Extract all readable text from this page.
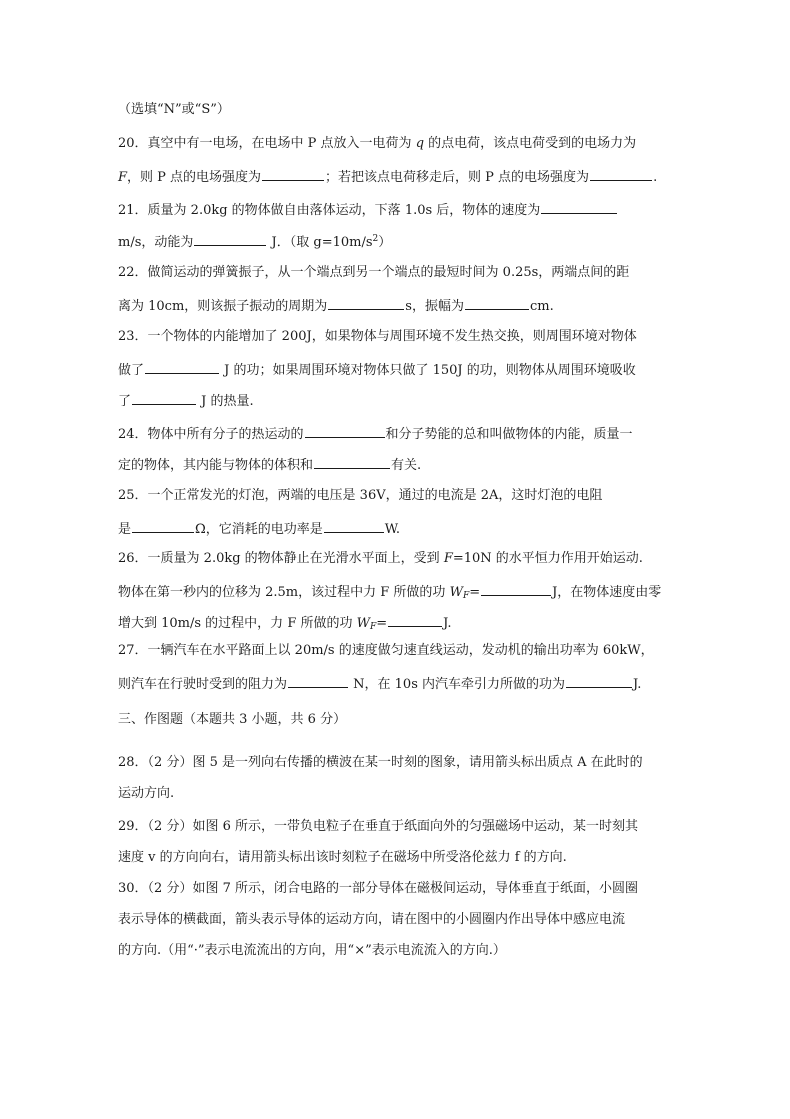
（选填“N”或“S”）
20．真空中有一电场，在电场中 P 点放入一电荷为 q 的点电荷，该点电荷受到的电场力为
F，则 P 点的电场强度为	；若把该点电荷移走后，则 P 点的电场强度为	.
21．质量为 2.0kg 的物体做自由落体运动，下落 1.0s 后，物体的速度为
m/s，动能为	J．（取 $g=10m/s^2$）
22．做简运动的弹簧振子，从一个端点到另一个端点的最短时间为 0.25s，两端点间的距
离为 10cm，则该振子振动的周期为	s，振幅为	cm.
23．一个物体的内能增加了 200J，如果物体与周围环境不发生热交换，则周围环境对物体
做了	J 的功；如果周围环境对物体只做了 150J 的功，则物体从周围环境吸收
了	J 的热量.
24．物体中所有分子的热运动的	和分子势能的总和叫做物体的内能，质量一
定的物体，其内能与物体的体积和	有关.
25．一个正常发光的灯泡，两端的电压是 36V，通过的电流是 2A，这时灯泡的电阻
是	Ω，它消耗的电功率是	W.
26．一质量为 2.0kg 的物体静止在光滑水平面上，受到 F=10N 的水平恒力作用开始运动.
物体在第一秒内的位移为 2.5m，该过程中力 F 所做的功 $W_F=$	J，在物体速度由零
增大到 10m/s 的过程中，力 F 所做的功 $W_F=$	J.
27．一辆汽车在水平路面上以 20m/s 的速度做匀速直线运动，发动机的输出功率为 60kW，
则汽车在行驶时受到的阻力为	N，在 10s 内汽车牵引力所做的功为	J.
三、作图题（本题共 3 小题，共 6 分）
28．（2 分）图 5 是一列向右传播的横波在某一时刻的图象，请用箭头标出质点 A 在此时的
运动方向.
29．（2 分）如图 6 所示，一带负电粒子在垂直于纸面向外的匀强磁场中运动，某一时刻其
速度 v 的方向向右，请用箭头标出该时刻粒子在磁场中所受洛伦兹力 f 的方向.
30．（2 分）如图 7 所示，闭合电路的一部分导体在磁极间运动，导体垂直于纸面，小圆圈
表示导体的横截面，箭头表示导体的运动方向，请在图中的小圆圈内作出导体中感应电流
的方向.（用“·”表示电流流出的方向，用“×”表示电流流入的方向.）
